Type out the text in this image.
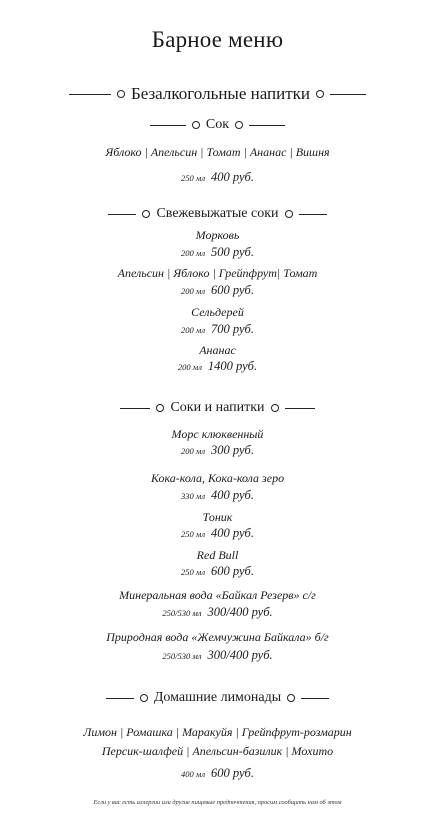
Барное меню
Безалкогольные напитки
Сок
Яблоко | Апельсин | Томат | Ананас | Вишня
250 мл 400 руб.
Свежевыжатые соки
Морковь
200 мл 500 руб.
Апельсин | Яблоко | Грейпфрут| Томат
200 мл 600 руб.
Сельдерей
200 мл 700 руб.
Ананас
200 мл 1400 руб.
Соки и напитки
Морс клюквенный
200 мл 300 руб.
Кока-кола, Кока-кола зеро
330 мл 400 руб.
Тоник
250 мл 400 руб.
Red Bull
250 мл 600 руб.
Минеральная вода «Байкал Резерв» с/г
250/530 мл 300/400 руб.
Природная вода «Жемчужина Байкала» б/г
250/530 мл 300/400 руб.
Домашние лимонады
Лимон | Ромашка | Маракуйя | Грейпфрут-розмарин
Персик-шалфей | Апельсин-базилик | Мохито
400 мл 600 руб.
Если у вас есть аллергии или другие пищевые предпочтения, просим сообщить нам об этом
